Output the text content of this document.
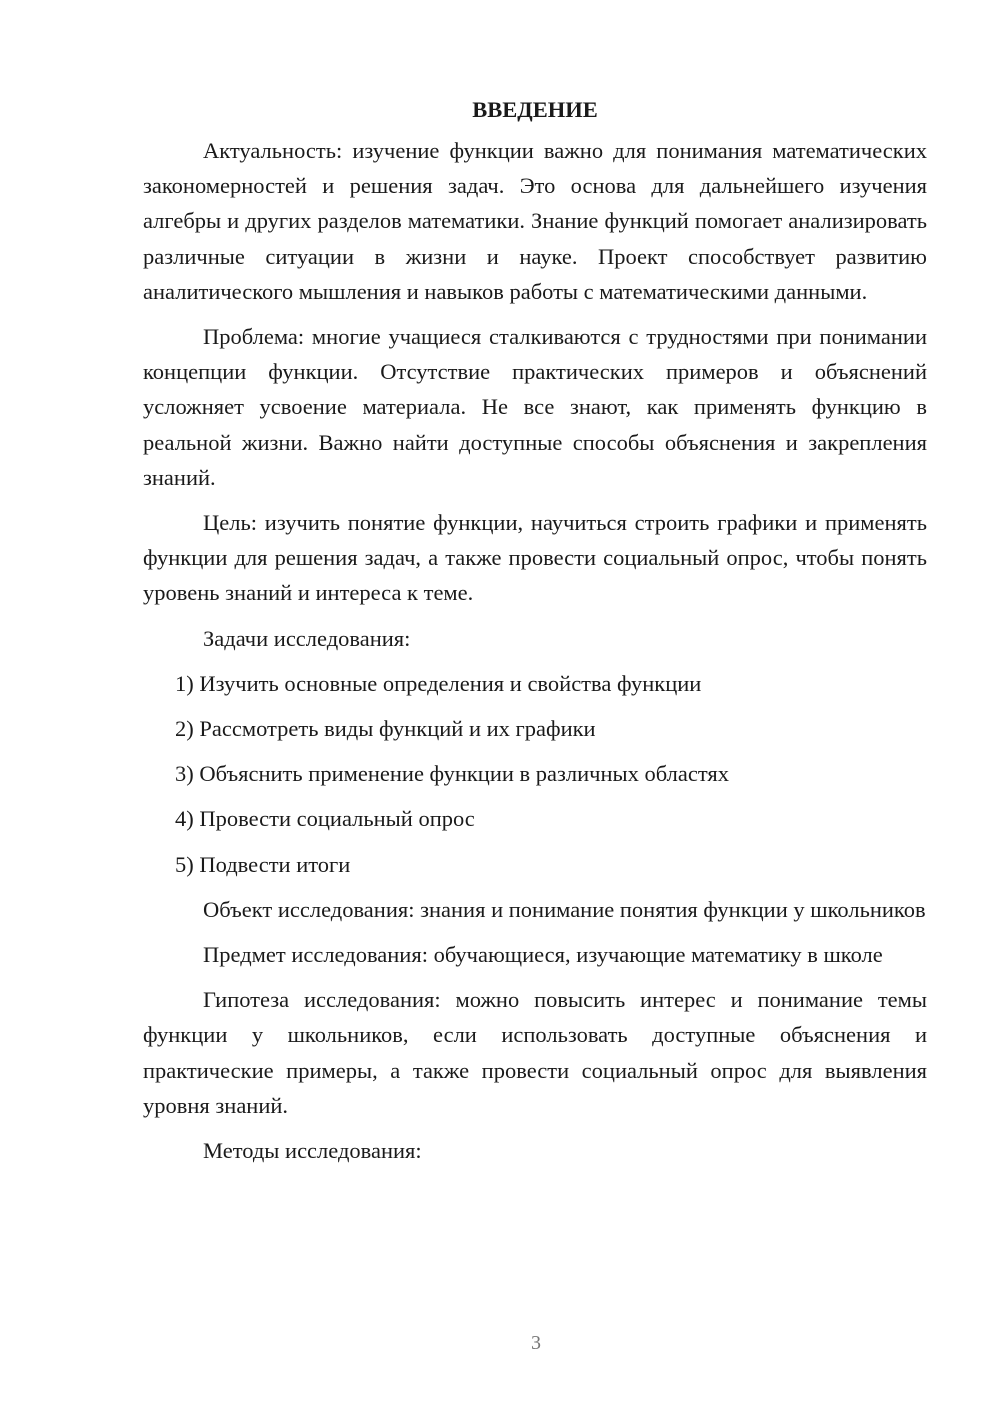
ВВЕДЕНИЕ

Актуальность: изучение функции важно для понимания математических закономерностей и решения задач. Это основа для дальнейшего изучения алгебры и других разделов математики. Знание функций помогает анализировать различные ситуации в жизни и науке. Проект способствует развитию аналитического мышления и навыков работы с математическими данными.

Проблема: многие учащиеся сталкиваются с трудностями при понимании концепции функции. Отсутствие практических примеров и объяснений усложняет усвоение материала. Не все знают, как применять функцию в реальной жизни. Важно найти доступные способы объяснения и закрепления знаний.

Цель: изучить понятие функции, научиться строить графики и применять функции для решения задач, а также провести социальный опрос, чтобы понять уровень знаний и интереса к теме.

Задачи исследования:

1) Изучить основные определения и свойства функции
2) Рассмотреть виды функций и их графики
3) Объяснить применение функции в различных областях
4) Провести социальный опрос
5) Подвести итоги

Объект исследования: знания и понимание понятия функции у школьников

Предмет исследования: обучающиеся, изучающие математику в школе

Гипотеза исследования: можно повысить интерес и понимание темы функции у школьников, если использовать доступные объяснения и практические примеры, а также провести социальный опрос для выявления уровня знаний.

Методы исследования:

3
